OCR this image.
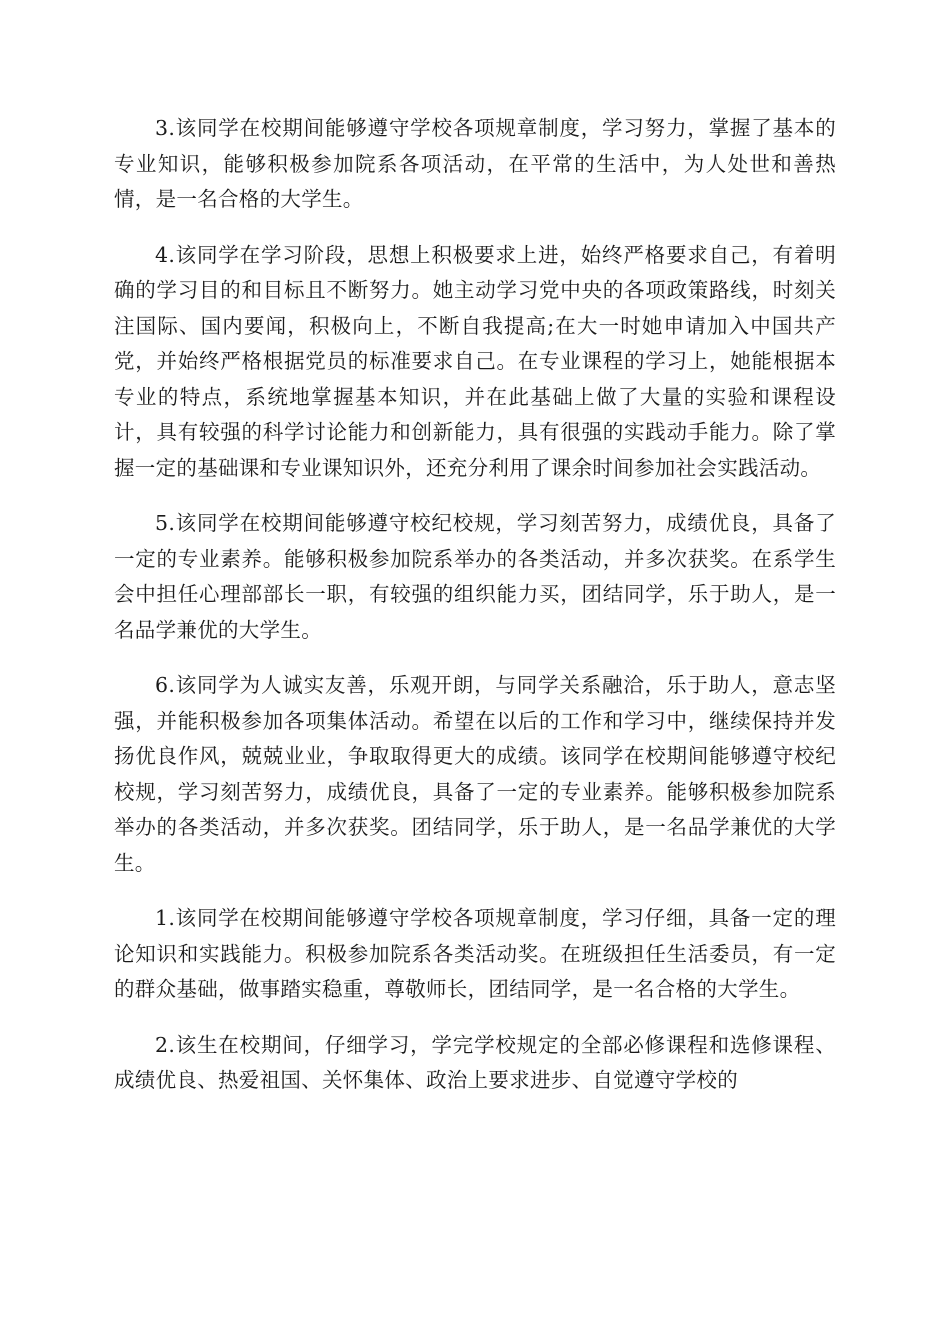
3.该同学在校期间能够遵守学校各项规章制度，学习努力，掌握了基本的专业知识，能够积极参加院系各项活动，在平常的生活中，为人处世和善热情，是一名合格的大学生。

4.该同学在学习阶段，思想上积极要求上进，始终严格要求自己，有着明确的学习目的和目标且不断努力。她主动学习党中央的各项政策路线，时刻关注国际、国内要闻，积极向上，不断自我提高;在大一时她申请加入中国共产党，并始终严格根据党员的标准要求自己。在专业课程的学习上，她能根据本专业的特点，系统地掌握基本知识，并在此基础上做了大量的实验和课程设计，具有较强的科学讨论能力和创新能力，具有很强的实践动手能力。除了掌握一定的基础课和专业课知识外，还充分利用了课余时间参加社会实践活动。

5.该同学在校期间能够遵守校纪校规，学习刻苦努力，成绩优良，具备了一定的专业素养。能够积极参加院系举办的各类活动，并多次获奖。在系学生会中担任心理部部长一职，有较强的组织能力买，团结同学，乐于助人，是一名品学兼优的大学生。

6.该同学为人诚实友善，乐观开朗，与同学关系融洽，乐于助人，意志坚强，并能积极参加各项集体活动。希望在以后的工作和学习中，继续保持并发扬优良作风，兢兢业业，争取取得更大的成绩。该同学在校期间能够遵守校纪校规，学习刻苦努力，成绩优良，具备了一定的专业素养。能够积极参加院系举办的各类活动，并多次获奖。团结同学，乐于助人，是一名品学兼优的大学生。

1.该同学在校期间能够遵守学校各项规章制度，学习仔细，具备一定的理论知识和实践能力。积极参加院系各类活动奖。在班级担任生活委员，有一定的群众基础，做事踏实稳重，尊敬师长，团结同学，是一名合格的大学生。

2.该生在校期间，仔细学习，学完学校规定的全部必修课程和选修课程、成绩优良、热爱祖国、关怀集体、政治上要求进步、自觉遵守学校的
